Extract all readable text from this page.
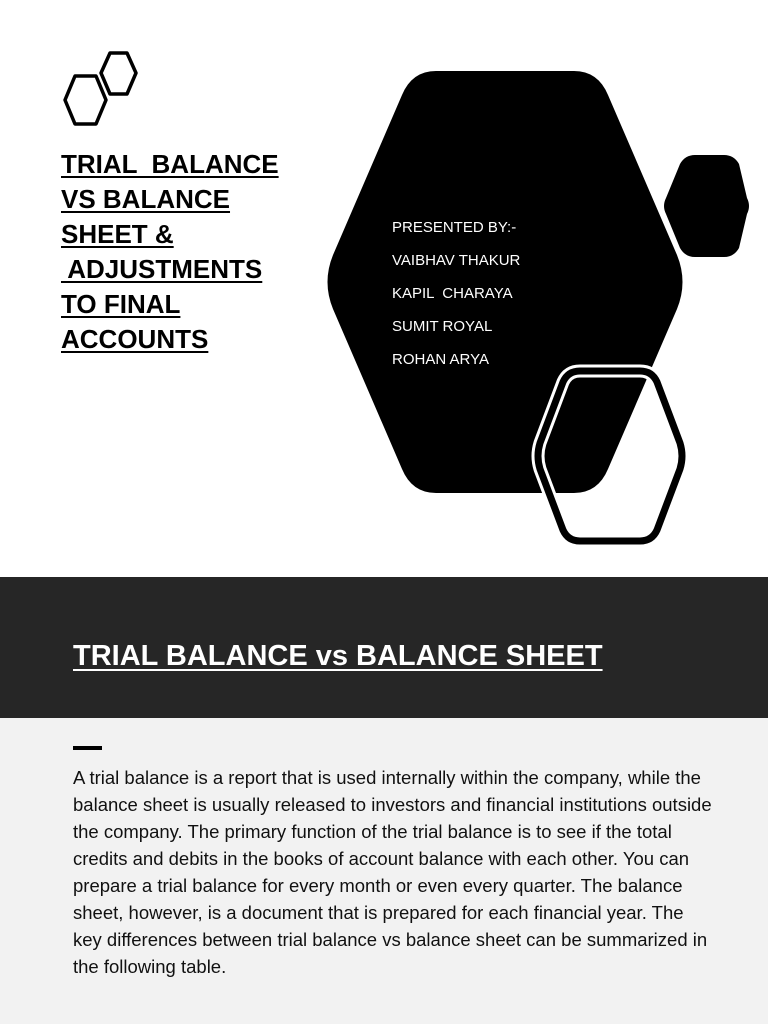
TRIAL  BALANCE
VS BALANCE
SHEET &
ADJUSTMENTS
TO FINAL
ACCOUNTS
PRESENTED BY:-
VAIBHAV THAKUR
KAPIL  CHARAYA
SUMIT ROYAL
ROHAN ARYA
TRIAL BALANCE vs BALANCE SHEET

A trial balance is a report that is used internally within the company, while the balance sheet is usually released to investors and financial institutions outside the company. The primary function of the trial balance is to see if the total credits and debits in the books of account balance with each other. You can prepare a trial balance for every month or even every quarter. The balance sheet, however, is a document that is prepared for each financial year. The key differences between trial balance vs balance sheet can be summarized in the following table.
